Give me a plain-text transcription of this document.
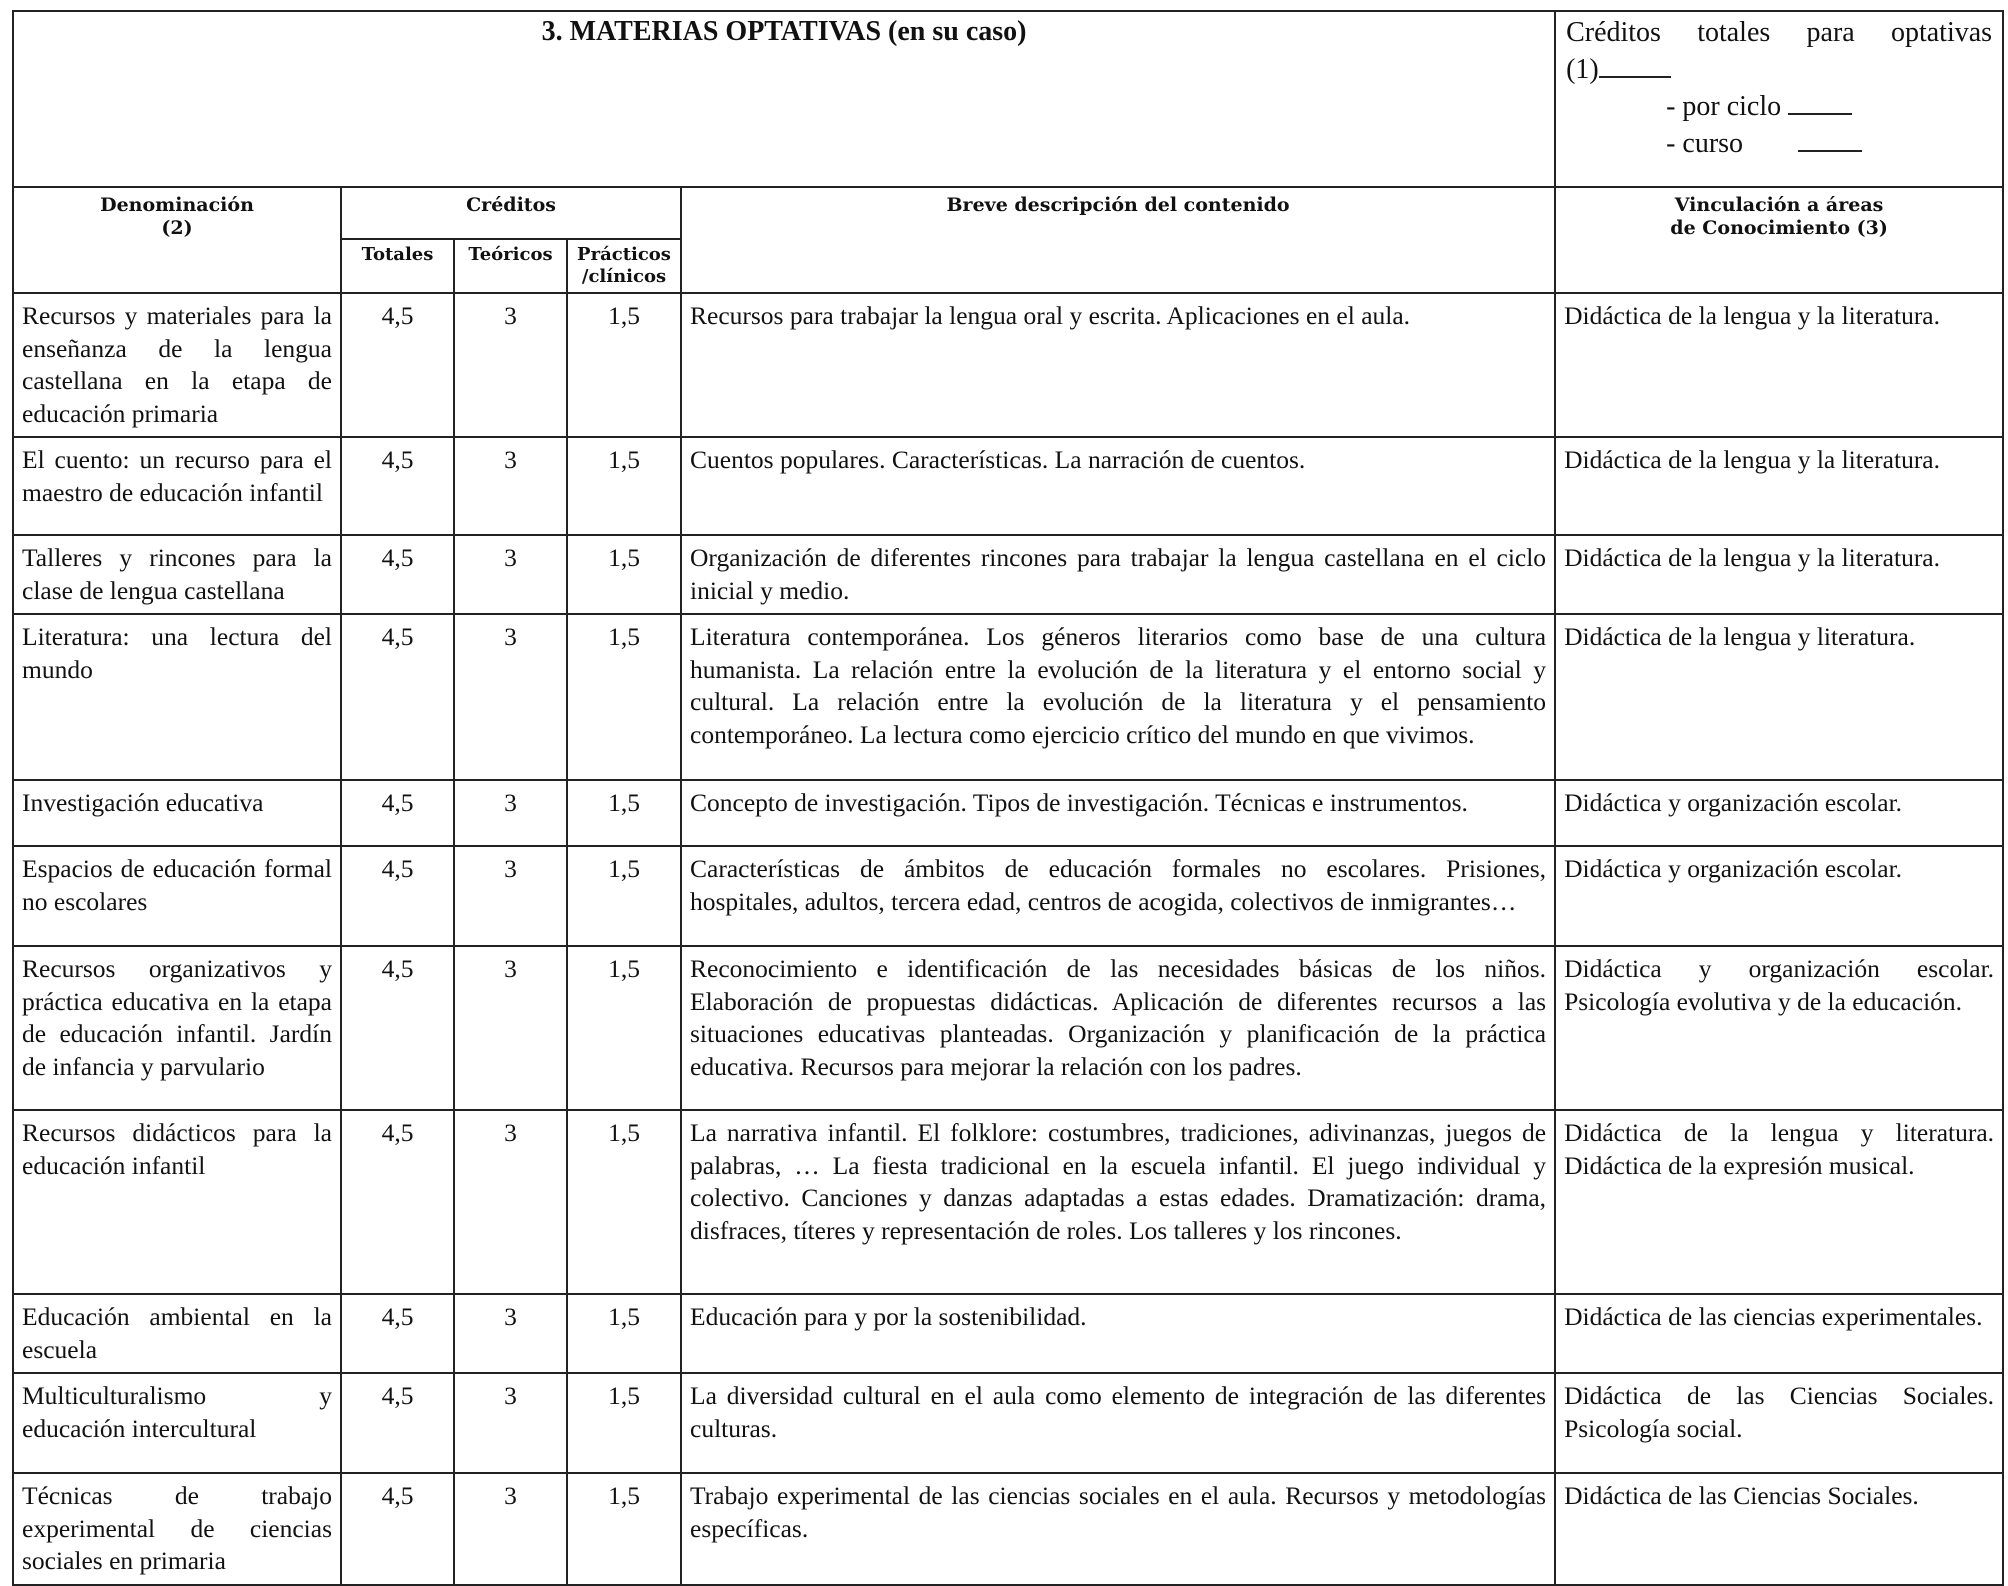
3. MATERIAS OPTATIVAS (en su caso)					Créditos totales para optativas
(1)
- por ciclo
- curso

Denominación
(2)	Créditos			Breve descripción del contenido	Vinculación a áreas de Conocimiento (3)
	Totales	Teóricos	Prácticos /clínicos		
Recursos y materiales para la enseñanza de la lengua castellana en la etapa de educación primaria	4,5	3	1,5	Recursos para trabajar la lengua oral y escrita. Aplicaciones en el aula.	Didáctica de la lengua y la literatura.
El cuento: un recurso para el maestro de educación infantil	4,5	3	1,5	Cuentos populares. Características. La narración de cuentos.	Didáctica de la lengua y la literatura.
Talleres y rincones para la clase de lengua castellana	4,5	3	1,5	Organización de diferentes rincones para trabajar la lengua castellana en el ciclo inicial y medio.	Didáctica de la lengua y la literatura.
Literatura: una lectura del mundo	4,5	3	1,5	Literatura contemporánea. Los géneros literarios como base de una cultura humanista. La relación entre la evolución de la literatura y el entorno social y cultural. La relación entre la evolución de la literatura y el pensamiento contemporáneo. La lectura como ejercicio crítico del mundo en que vivimos.	Didáctica de la lengua y literatura.
Investigación educativa	4,5	3	1,5	Concepto de investigación. Tipos de investigación. Técnicas e instrumentos.	Didáctica y organización escolar.
Espacios de educación formal no escolares	4,5	3	1,5	Características de ámbitos de educación formales no escolares. Prisiones, hospitales, adultos, tercera edad, centros de acogida, colectivos de inmigrantes…	Didáctica y organización escolar.
Recursos organizativos y práctica educativa en la etapa de educación infantil. Jardín de infancia y parvulario	4,5	3	1,5	Reconocimiento e identificación de las necesidades básicas de los niños. Elaboración de propuestas didácticas. Aplicación de diferentes recursos a las situaciones educativas planteadas. Organización y planificación de la práctica educativa. Recursos para mejorar la relación con los padres.	Didáctica y organización escolar. Psicología evolutiva y de la educación.
Recursos didácticos para la educación infantil	4,5	3	1,5	La narrativa infantil. El folklore: costumbres, tradiciones, adivinanzas, juegos de palabras, … La fiesta tradicional en la escuela infantil. El juego individual y colectivo. Canciones y danzas adaptadas a estas edades. Dramatización: drama, disfraces, títeres y representación de roles. Los talleres y los rincones.	Didáctica de la lengua y literatura. Didáctica de la expresión musical.
Educación ambiental en la escuela	4,5	3	1,5	Educación para y por la sostenibilidad.	Didáctica de las ciencias experimentales.
Multiculturalismo y educación intercultural	4,5	3	1,5	La diversidad cultural en el aula como elemento de integración de las diferentes culturas.	Didáctica de las Ciencias Sociales. Psicología social.
Técnicas de trabajo experimental de ciencias sociales en primaria	4,5	3	1,5	Trabajo experimental de las ciencias sociales en el aula. Recursos y metodologías específicas.	Didáctica de las Ciencias Sociales.
